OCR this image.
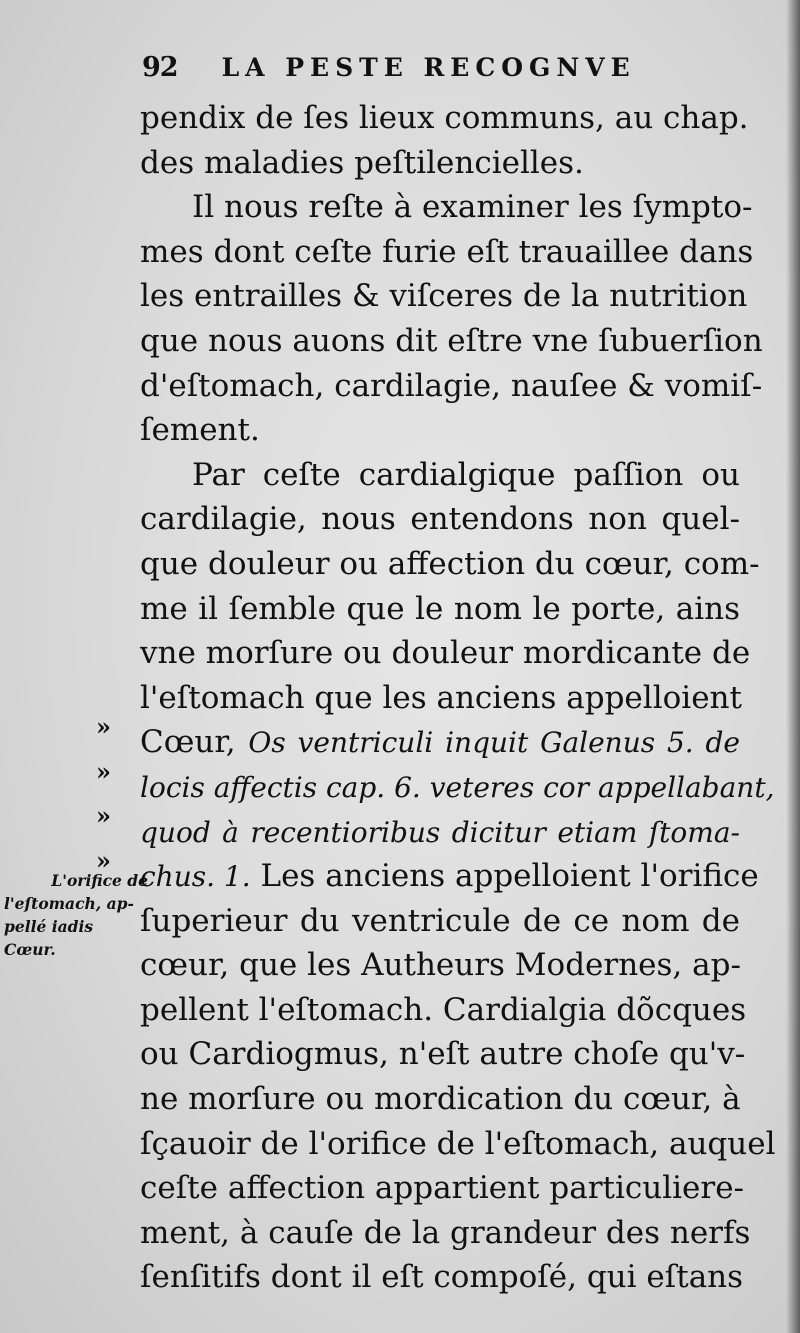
92 LA PESTE RECOGNVE
pendix de ſes lieux communs, au chap.
des maladies peſtilencielles.
Il nous reſte à examiner les ſympto-
mes dont ceſte furie eſt trauaillee dans
les entrailles & viſceres de la nutrition
que nous auons dit eſtre vne ſubuerſion
d'eſtomach, cardilagie, nauſee & vomiſ-
ſement.
Par ceſte cardialgique paſſion ou
cardilagie, nous entendons non quel-
que douleur ou affection du cœur, com-
me il ſemble que le nom le porte, ains
vne morſure ou douleur mordicante de
l'eſtomach que les anciens appelloient
Cœur, Os ventriculi inquit Galenus 5. de
locis affectis cap. 6. veteres cor appellabant,
quod à recentioribus dicitur etiam ſtoma-
chus. 1. Les anciens appelloient l'orifice
ſuperieur du ventricule de ce nom de
cœur, que les Autheurs Modernes, ap-
pellent l'eſtomach. Cardialgia dõcques
ou Cardiogmus, n'eſt autre choſe qu'v-
ne morſure ou mordication du cœur, à
ſçauoir de l'orifice de l'eſtomach, auquel
ceſte affection appartient particuliere-
ment, à cauſe de la grandeur des nerfs
ſenſitifs dont il eſt compoſé, qui eſtans
»
»
»
»
L'orifice de
l'eſtomach, ap-
pellé iadis
Cœur.
